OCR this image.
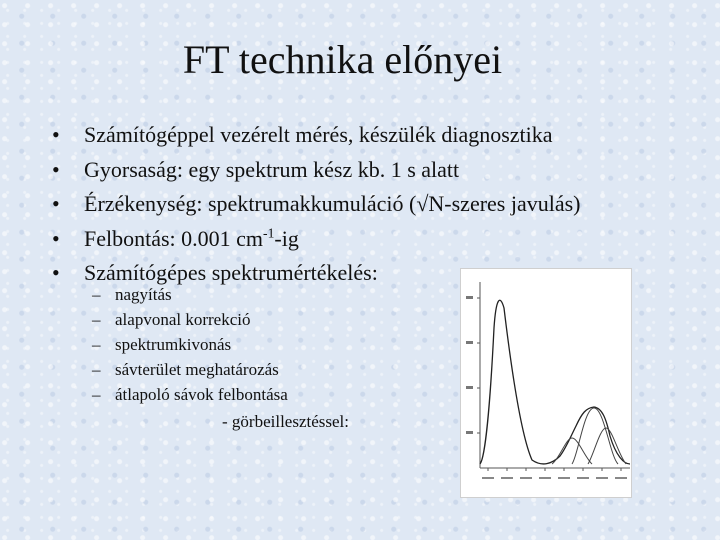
FT technika előnyei
• Számítógéppel vezérelt mérés, készülék diagnosztika
• Gyorsaság: egy spektrum kész kb. 1 s alatt
• Érzékenység: spektrumakkumuláció (√N-szeres javulás)
• Felbontás: 0.001 $cm^{-1}-ig$
• Számítógépes spektrumértékelés:
– nagyítás
– alapvonal korrekció
– spektrumkivonás
– sávterület meghatározás
– átlapoló sávok felbontása
- görbeillesztéssel:
